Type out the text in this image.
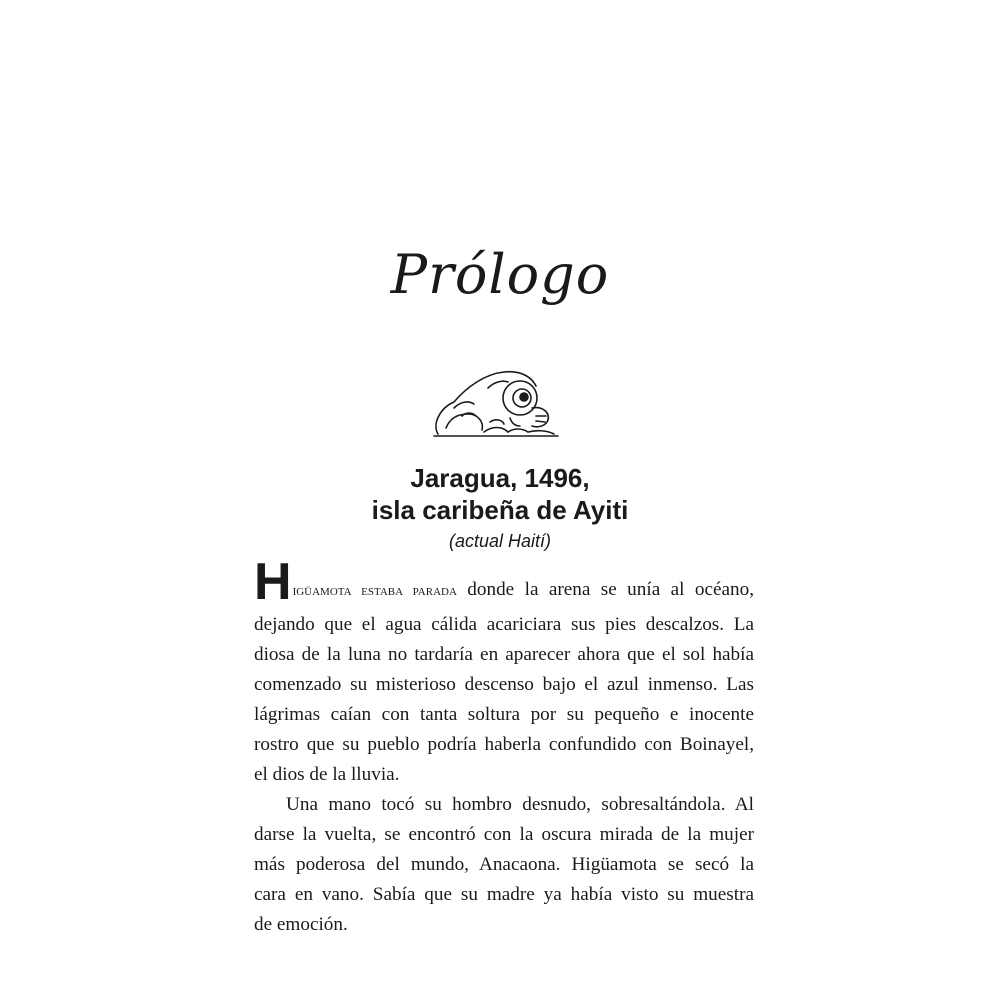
Prólogo
Jaragua, 1496,
isla caribeña de Ayiti
(actual Haití)
Higüamota estaba parada donde la arena se unía al océano,
dejando que el agua cálida acariciara sus pies descalzos. La
diosa de la luna no tardaría en aparecer ahora que el sol había
comenzado su misterioso descenso bajo el azul inmenso. Las
lágrimas caían con tanta soltura por su pequeño e inocente
rostro que su pueblo podría haberla confundido con Boinayel,
el dios de la lluvia.
Una mano tocó su hombro desnudo, sobresaltándola. Al
darse la vuelta, se encontró con la oscura mirada de la mujer
más poderosa del mundo, Anacaona. Higüamota se secó la
cara en vano. Sabía que su madre ya había visto su muestra
de emoción.
